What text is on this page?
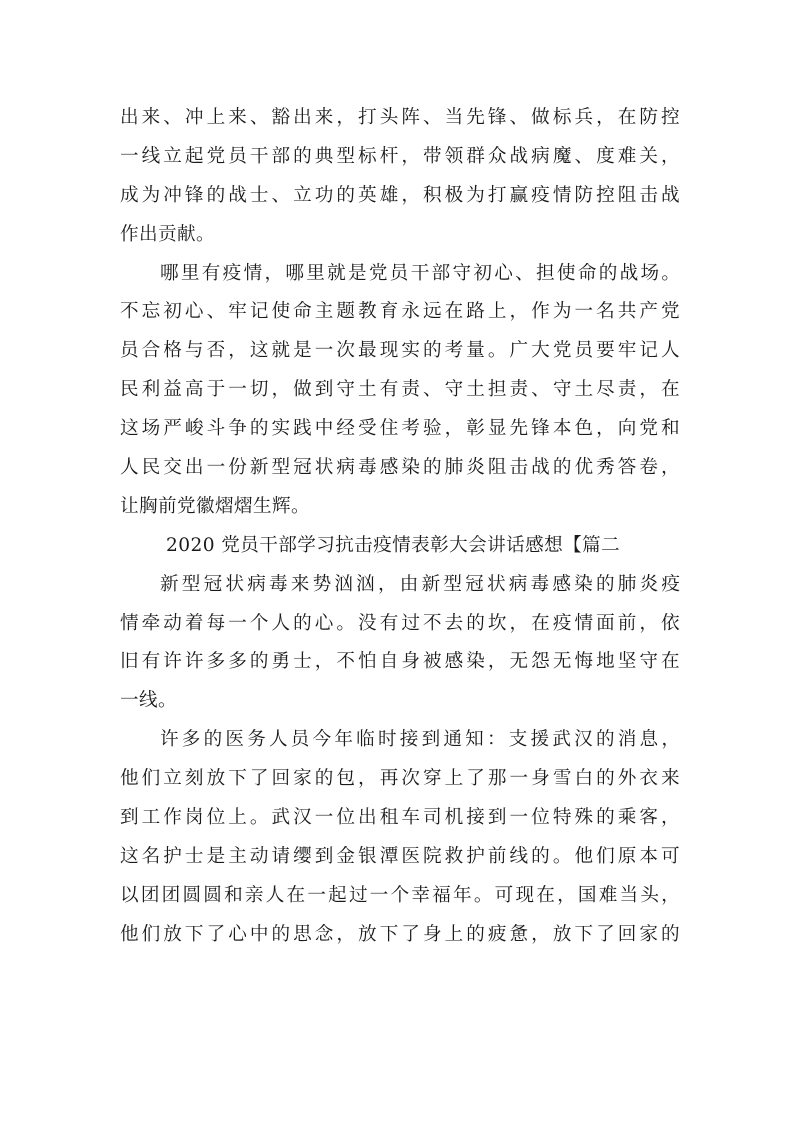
出 来 、 冲 上 来 、 豁 出 来 ， 打 头 阵 、 当 先 锋 、 做 标 兵 ， 在 防 控
一 线 立 起 党 员 干 部 的 典 型 标 杆 ， 带 领 群 众 战 病 魔 、 度 难 关 ，
成 为 冲 锋 的 战 士 、 立 功 的 英 雄 ， 积 极 为 打 赢 疫 情 防 控 阻 击 战
作出贡献。
哪 里 有 疫 情 ， 哪 里 就 是 党 员 干 部 守 初 心 、 担 使 命 的 战 场 。
不 忘 初 心 、 牢 记 使 命 主 题 教 育 永 远 在 路 上 ， 作 为 一 名 共 产 党
员 合 格 与 否 ， 这 就 是 一 次 最 现 实 的 考 量 。 广 大 党 员 要 牢 记 人
民 利 益 高 于 一 切 ， 做 到 守 土 有 责 、 守 土 担 责 、 守 土 尽 责 ， 在
这 场 严 峻 斗 争 的 实 践 中 经 受 住 考 验 ， 彰 显 先 锋 本 色 ， 向 党 和
人 民 交 出 一 份 新 型 冠 状 病 毒 感 染 的 肺 炎 阻 击 战 的 优 秀 答 卷 ，
让胸前党徽熠熠生辉。
2020 党员干部学习抗击疫情表彰大会讲话感想【篇二
新 型 冠 状 病 毒 来 势 汹 汹 ， 由 新 型 冠 状 病 毒 感 染 的 肺 炎 疫
情 牵 动 着 每 一 个 人 的 心 。 没 有 过 不 去 的 坎 ， 在 疫 情 面 前 ， 依
旧 有 许 许 多 多 的 勇 士 ， 不 怕 自 身 被 感 染 ， 无 怨 无 悔 地 坚 守 在
一线。
许 多 的 医 务 人 员 今 年 临 时 接 到 通 知 ： 支 援 武 汉 的 消 息 ，
他 们 立 刻 放 下 了 回 家 的 包 ， 再 次 穿 上 了 那 一 身 雪 白 的 外 衣 来
到 工 作 岗 位 上 。 武 汉 一 位 出 租 车 司 机 接 到 一 位 特 殊 的 乘 客 ，
这 名 护 士 是 主 动 请 缨 到 金 银 潭 医 院 救 护 前 线 的 。 他 们 原 本 可
以 团 团 圆 圆 和 亲 人 在 一 起 过 一 个 幸 福 年 。 可 现 在 ， 国 难 当 头 ，
他 们 放 下 了 心 中 的 思 念 ， 放 下 了 身 上 的 疲 惫 ， 放 下 了 回 家 的
